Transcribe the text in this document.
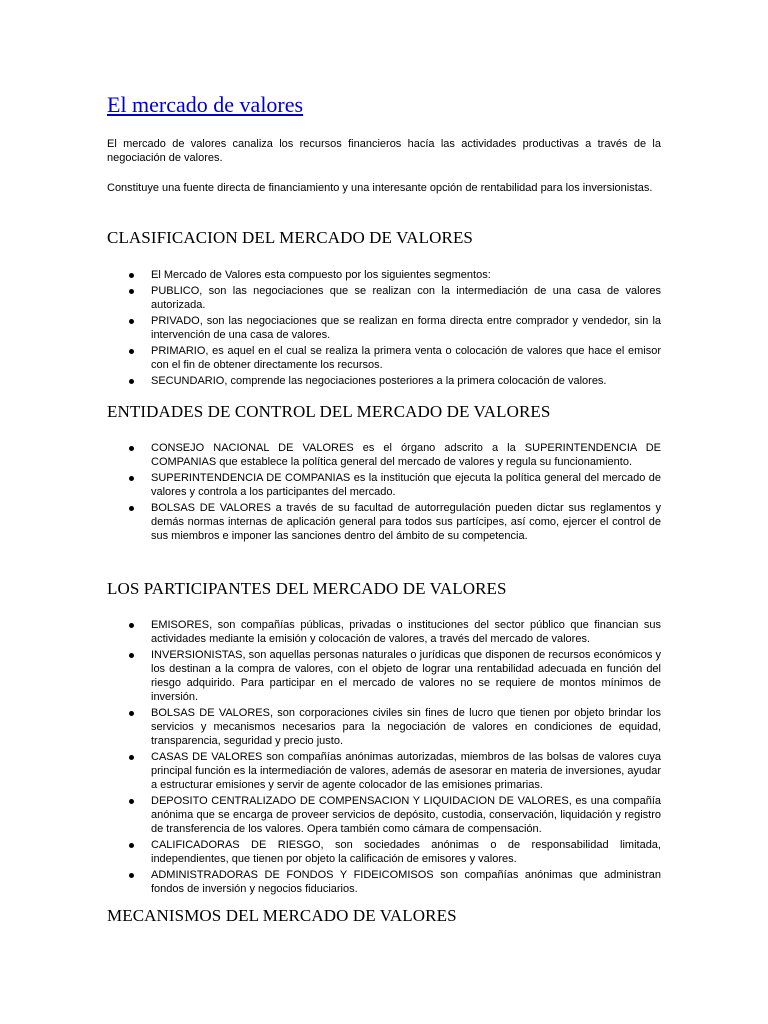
El mercado de valores

El mercado de valores canaliza los recursos financieros hacía las actividades productivas a través de la negociación de valores.

Constituye una fuente directa de financiamiento y una interesante opción de rentabilidad para los inversionistas.

CLASIFICACION DEL MERCADO DE VALORES
El Mercado de Valores esta compuesto por los siguientes segmentos:
PUBLICO, son las negociaciones que se realizan con la intermediación de una casa de valores autorizada.
PRIVADO, son las negociaciones que se realizan en forma directa entre comprador y vendedor, sin la intervención de una casa de valores.
PRIMARIO, es aquel en el cual se realiza la primera venta o colocación de valores que hace el emisor con el fin de obtener directamente los recursos.
SECUNDARIO, comprende las negociaciones posteriores a la primera colocación de valores.
ENTIDADES DE CONTROL DEL MERCADO DE VALORES
CONSEJO NACIONAL DE VALORES es el órgano adscrito a la SUPERINTENDENCIA DE COMPANIAS que establece la política general del mercado de valores y regula su funcionamiento.
SUPERINTENDENCIA DE COMPANIAS es la institución que ejecuta la política general del mercado de valores y controla a los participantes del mercado.
BOLSAS DE VALORES a través de su facultad de autorregulación pueden dictar sus reglamentos y demás normas internas de aplicación general para todos sus partícipes, así como, ejercer el control de sus miembros e imponer las sanciones dentro del ámbito de su competencia.
LOS PARTICIPANTES DEL MERCADO DE VALORES
EMISORES, son compañías públicas, privadas o instituciones del sector público que financian sus actividades mediante la emisión y colocación de valores, a través del mercado de valores.
INVERSIONISTAS, son aquellas personas naturales o jurídicas que disponen de recursos económicos y los destinan a la compra de valores, con el objeto de lograr una rentabilidad adecuada en función del riesgo adquirido. Para participar en el mercado de valores no se requiere de montos mínimos de inversión.
BOLSAS DE VALORES, son corporaciones civiles sin fines de lucro que tienen por objeto brindar los servicios y mecanismos necesarios para la negociación de valores en condiciones de equidad, transparencia, seguridad y precio justo.
CASAS DE VALORES son compañías anónimas autorizadas, miembros de las bolsas de valores cuya principal función es la intermediación de valores, además de asesorar en materia de inversiones, ayudar a estructurar emisiones y servir de agente colocador de las emisiones primarias.
DEPOSITO CENTRALIZADO DE COMPENSACION Y LIQUIDACION DE VALORES, es una compañía anónima que se encarga de proveer servicios de depósito, custodia, conservación, liquidación y registro de transferencia de los valores. Opera también como cámara de compensación.
CALIFICADORAS DE RIESGO, son sociedades anónimas o de responsabilidad limitada, independientes, que tienen por objeto la calificación de emisores y valores.
ADMINISTRADORAS DE FONDOS Y FIDEICOMISOS son compañías anónimas que administran fondos de inversión y negocios fiduciarios.
MECANISMOS DEL MERCADO DE VALORES
